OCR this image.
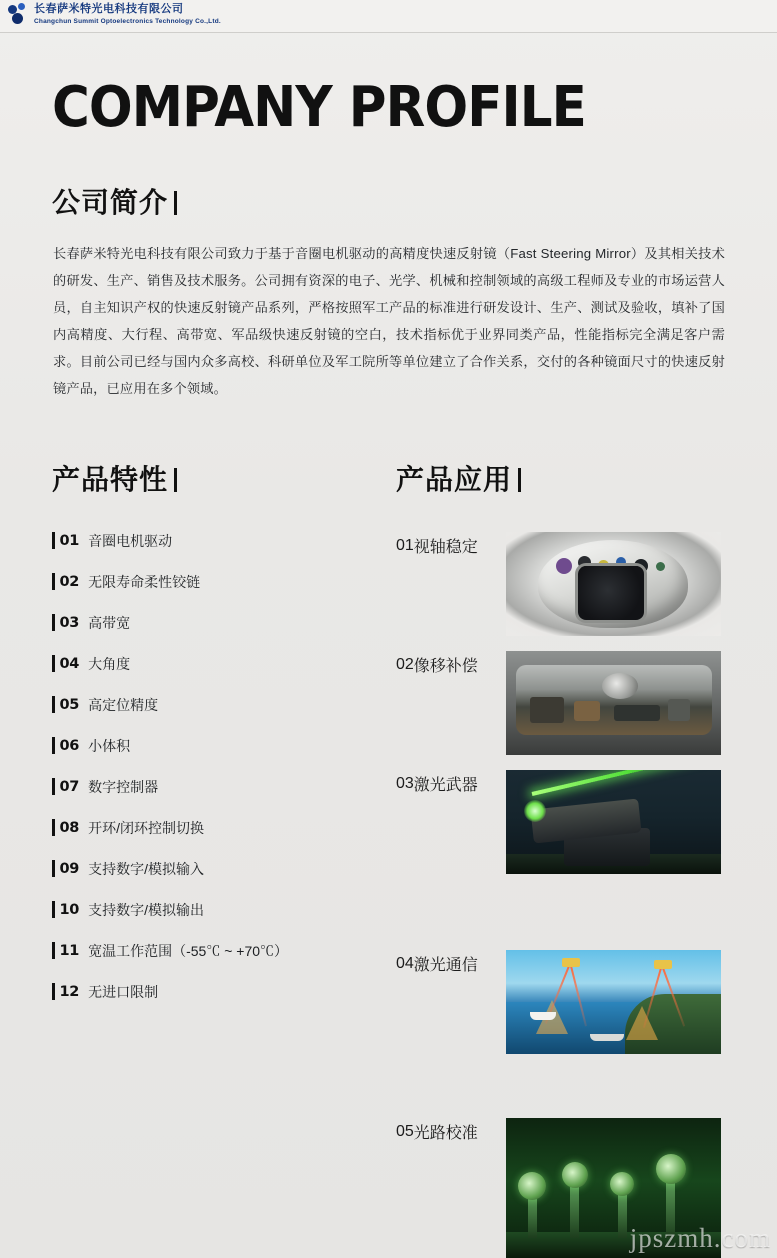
长春萨米特光电科技有限公司
Changchun Summit Optoelectronics Technology Co.,Ltd.
COMPANY PROFILE
公司简介
长春萨米特光电科技有限公司致力于基于音圈电机驱动的高精度快速反射镜（Fast Steering Mirror）及其相关技术的研发、生产、销售及技术服务。公司拥有资深的电子、光学、机械和控制领域的高级工程师及专业的市场运营人员，自主知识产权的快速反射镜产品系列，严格按照军工产品的标准进行研发设计、生产、测试及验收，填补了国内高精度、大行程、高带宽、军品级快速反射镜的空白，技术指标优于业界同类产品，性能指标完全满足客户需求。目前公司已经与国内众多高校、科研单位及军工院所等单位建立了合作关系，交付的各种镜面尺寸的快速反射镜产品，已应用在多个领域。
产品特性	产品应用
01 音圈电机驱动
02 无限寿命柔性铰链
03 高带宽
04 大角度
05 高定位精度
06 小体积
07 数字控制器
08 开环/闭环控制切换
09 支持数字/模拟输入
10 支持数字/模拟输出
11 宽温工作范围（-55℃ ~ +70℃）
12 无进口限制
01 视轴稳定
02 像移补偿
03 激光武器
04 激光通信
05 光路校准
jpszmh.com
